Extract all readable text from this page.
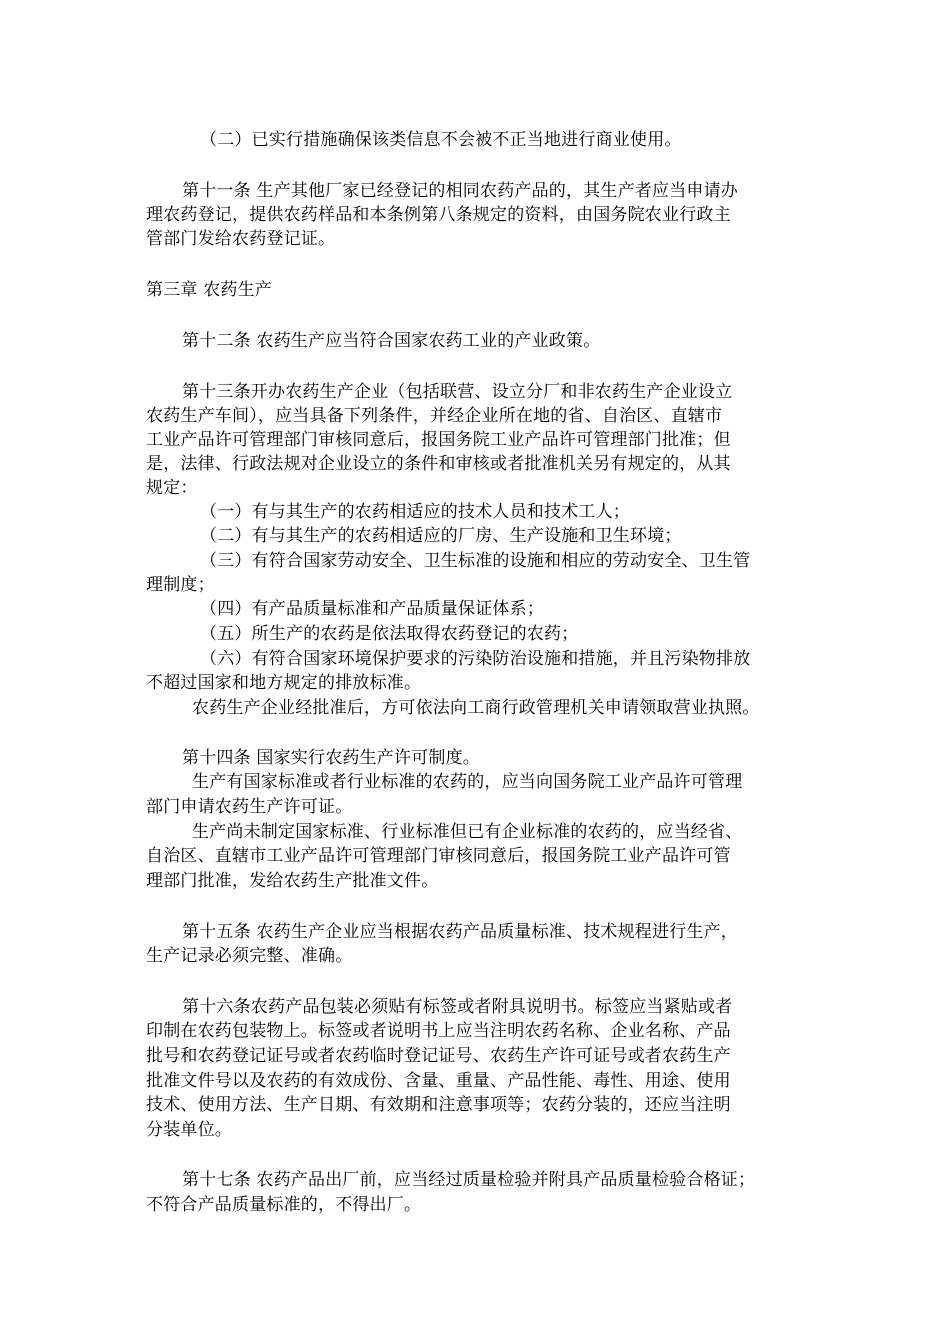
（二）已实行措施确保该类信息不会被不正当地进行商业使用。
第十一条 生产其他厂家已经登记的相同农药产品的，其生产者应当申请办
理农药登记，提供农药样品和本条例第八条规定的资料，由国务院农业行政主
管部门发给农药登记证。
第三章 农药生产
第十二条 农药生产应当符合国家农药工业的产业政策。
第十三条开办农药生产企业（包括联营、设立分厂和非农药生产企业设立
农药生产车间），应当具备下列条件，并经企业所在地的省、自治区、直辖市
工业产品许可管理部门审核同意后，报国务院工业产品许可管理部门批准；但
是，法律、行政法规对企业设立的条件和审核或者批准机关另有规定的，从其
规定：
（一）有与其生产的农药相适应的技术人员和技术工人；
（二）有与其生产的农药相适应的厂房、生产设施和卫生环境；
（三）有符合国家劳动安全、卫生标准的设施和相应的劳动安全、卫生管
理制度；
（四）有产品质量标准和产品质量保证体系；
（五）所生产的农药是依法取得农药登记的农药；
（六）有符合国家环境保护要求的污染防治设施和措施，并且污染物排放
不超过国家和地方规定的排放标准。
农药生产企业经批准后，方可依法向工商行政管理机关申请领取营业执照。
第十四条 国家实行农药生产许可制度。
生产有国家标准或者行业标准的农药的，应当向国务院工业产品许可管理
部门申请农药生产许可证。
生产尚未制定国家标准、行业标准但已有企业标准的农药的，应当经省、
自治区、直辖市工业产品许可管理部门审核同意后，报国务院工业产品许可管
理部门批准，发给农药生产批准文件。
第十五条 农药生产企业应当根据农药产品质量标准、技术规程进行生产，
生产记录必须完整、准确。
第十六条农药产品包装必须贴有标签或者附具说明书。标签应当紧贴或者
印制在农药包装物上。标签或者说明书上应当注明农药名称、企业名称、产品
批号和农药登记证号或者农药临时登记证号、农药生产许可证号或者农药生产
批准文件号以及农药的有效成份、含量、重量、产品性能、毒性、用途、使用
技术、使用方法、生产日期、有效期和注意事项等；农药分装的，还应当注明
分装单位。
第十七条 农药产品出厂前，应当经过质量检验并附具产品质量检验合格证；
不符合产品质量标准的，不得出厂。
